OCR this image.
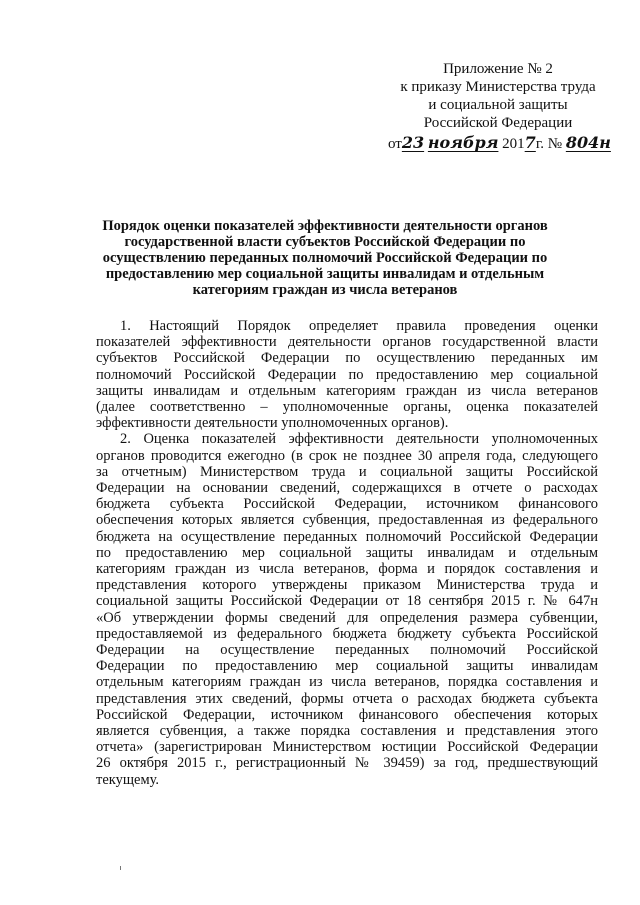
Приложение № 2
к приказу Министерства труда
и социальной защиты
Российской Федерации
от23 ноября 2017г. № 804н
Порядок оценки показателей эффективности деятельности органов
государственной власти субъектов Российской Федерации по
осуществлению переданных полномочий Российской Федерации по
предоставлению мер социальной защиты инвалидам и отдельным
категориям граждан из числа ветеранов
1. Настоящий Порядок определяет правила проведения оценки
показателей эффективности деятельности органов государственной власти
субъектов Российской Федерации по осуществлению переданных им
полномочий Российской Федерации по предоставлению мер социальной
защиты инвалидам и отдельным категориям граждан из числа ветеранов
(далее соответственно – уполномоченные органы, оценка показателей
эффективности деятельности уполномоченных органов).
2. Оценка показателей эффективности деятельности уполномоченных
органов проводится ежегодно (в срок не позднее 30 апреля года, следующего
за отчетным) Министерством труда и социальной защиты Российской
Федерации на основании сведений, содержащихся в отчете о расходах
бюджета субъекта Российской Федерации, источником финансового
обеспечения которых является субвенция, предоставленная из федерального
бюджета на осуществление переданных полномочий Российской Федерации
по предоставлению мер социальной защиты инвалидам и отдельным
категориям граждан из числа ветеранов, форма и порядок составления и
представления которого утверждены приказом Министерства труда и
социальной защиты Российской Федерации от 18 сентября 2015 г. № 647н
«Об утверждении формы сведений для определения размера субвенции,
предоставляемой из федерального бюджета бюджету субъекта Российской
Федерации на осуществление переданных полномочий Российской
Федерации по предоставлению мер социальной защиты инвалидам
отдельным категориям граждан из числа ветеранов, порядка составления и
представления этих сведений, формы отчета о расходах бюджета субъекта
Российской Федерации, источником финансового обеспечения которых
является субвенция, а также порядка составления и представления этого
отчета» (зарегистрирован Министерством юстиции Российской Федерации
26 октября 2015 г., регистрационный № 39459) за год, предшествующий
текущему.
